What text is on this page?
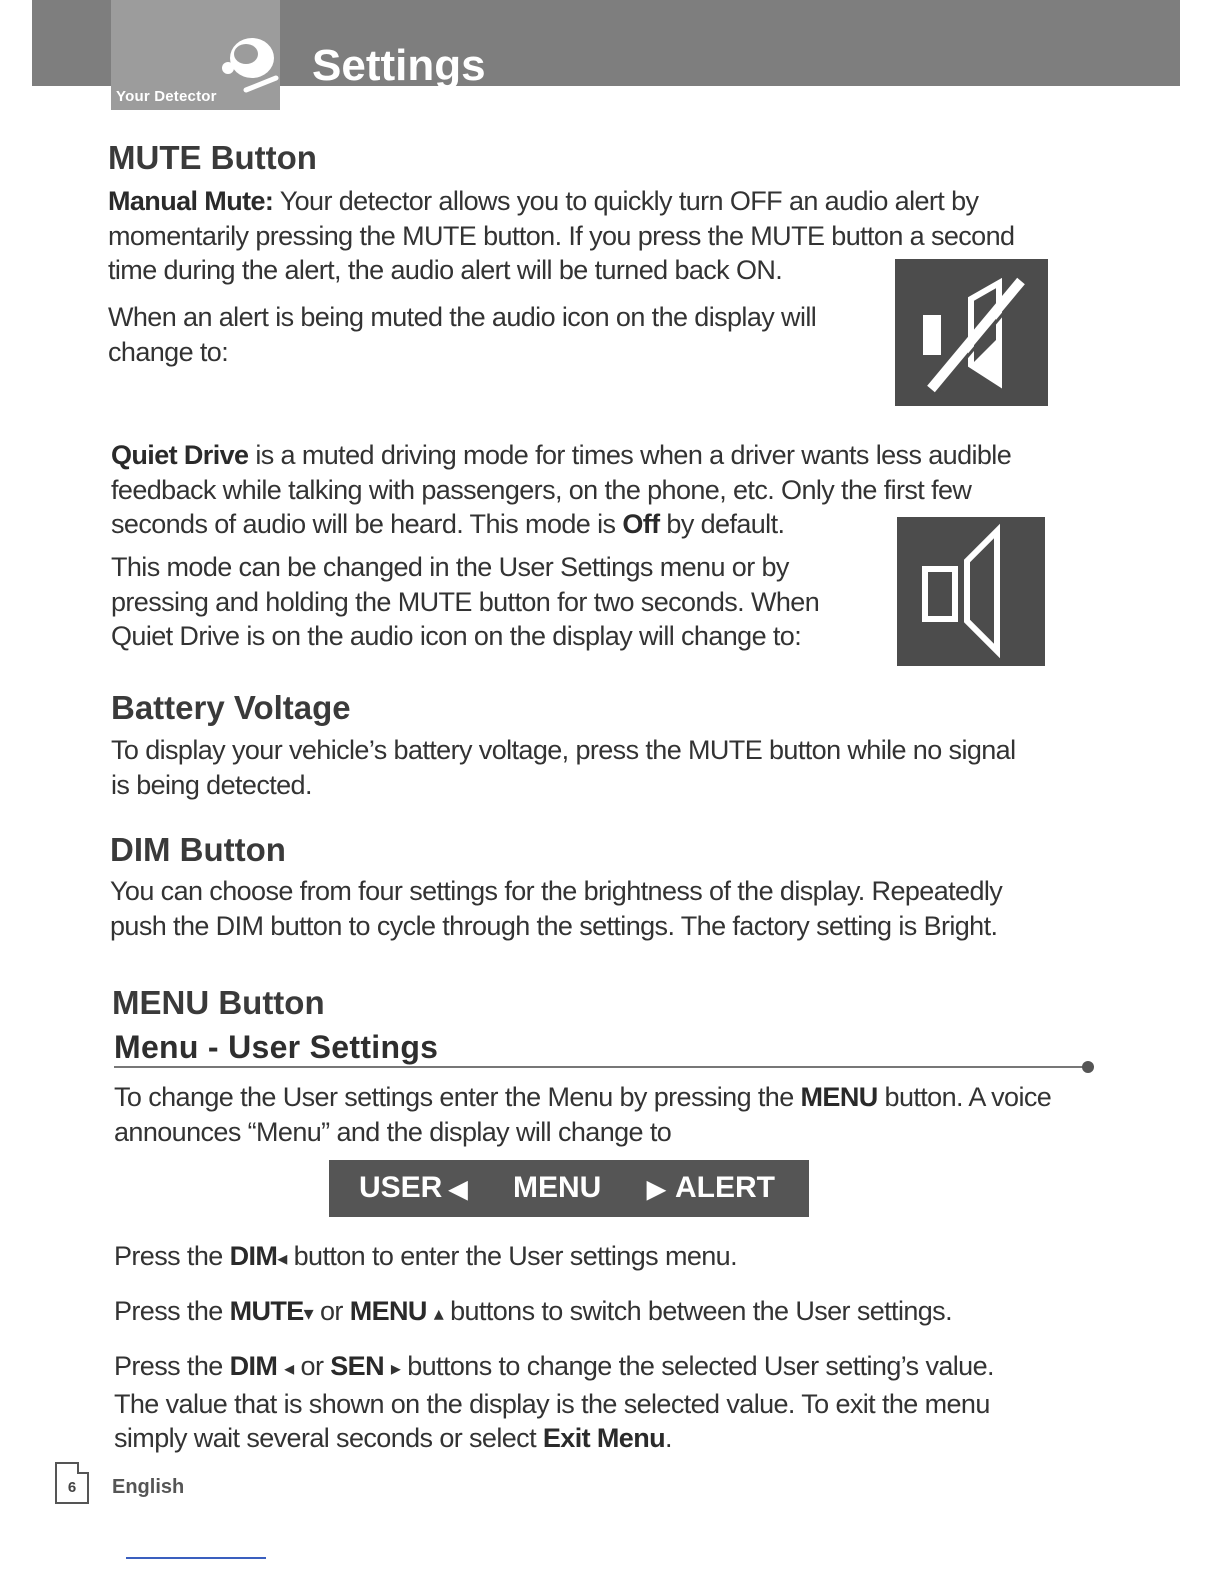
Your Detector
Settings
MUTE Button
Manual Mute: Your detector allows you to quickly turn OFF an audio alert by
momentarily pressing the MUTE button. If you press the MUTE button a second
time during the alert, the audio alert will be turned back ON.
When an alert is being muted the audio icon on the display will
change to:
Quiet Drive is a muted driving mode for times when a driver wants less audible
feedback while talking with passengers, on the phone, etc. Only the first few
seconds of audio will be heard. This mode is Off by default.
This mode can be changed in the User Settings menu or by
pressing and holding the MUTE button for two seconds. When
Quiet Drive is on the audio icon on the display will change to:
Battery Voltage
To display your vehicle’s battery voltage, press the MUTE button while no signal
is being detected.
DIM Button
You can choose from four settings for the brightness of the display. Repeatedly
push the DIM button to cycle through the settings. The factory setting is Bright.
MENU Button
Menu - User Settings
To change the User settings enter the Menu by pressing the MENU button. A voice
announces “Menu” and the display will change to
USER ◀ MENU ▶ ALERT
Press the DIM◂ button to enter the User settings menu.
Press the MUTE▾ or MENU ▴ buttons to switch between the User settings.
Press the DIM ◂ or SEN ▸ buttons to change the selected User setting’s value.
The value that is shown on the display is the selected value. To exit the menu
simply wait several seconds or select Exit Menu.
6	English
